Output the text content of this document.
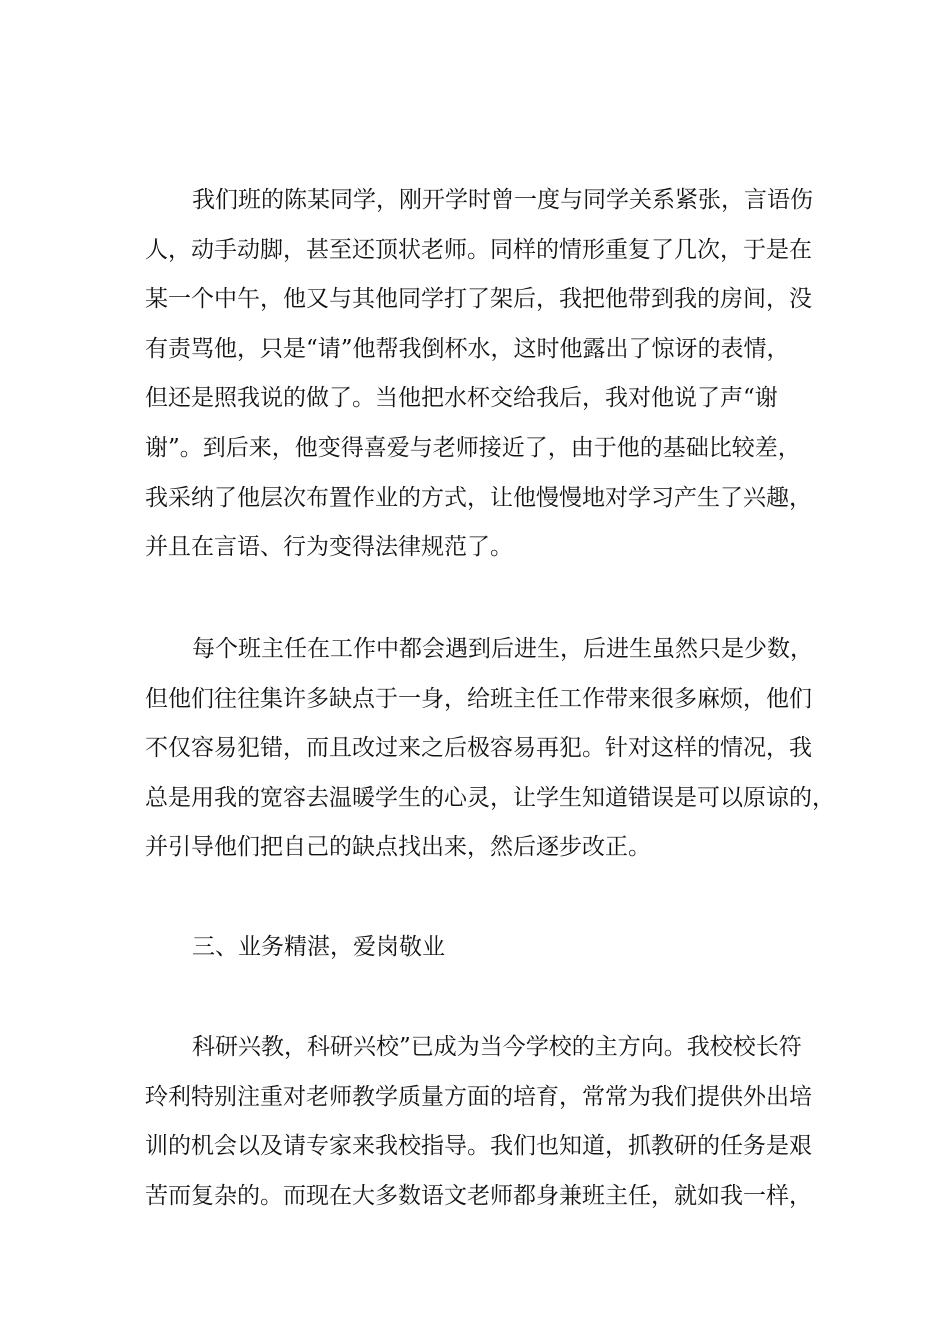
我们班的陈某同学，刚开学时曾一度与同学关系紧张，言语伤
人，动手动脚，甚至还顶状老师。同样的情形重复了几次，于是在
某一个中午，他又与其他同学打了架后，我把他带到我的房间，没
有责骂他，只是“请”他帮我倒杯水，这时他露出了惊讶的表情，
但还是照我说的做了。当他把水杯交给我后，我对他说了声“谢
谢”。到后来，他变得喜爱与老师接近了，由于他的基础比较差，
我采纳了他层次布置作业的方式，让他慢慢地对学习产生了兴趣，
并且在言语、行为变得法律规范了。

每个班主任在工作中都会遇到后进生，后进生虽然只是少数，
但他们往往集许多缺点于一身，给班主任工作带来很多麻烦，他们
不仅容易犯错，而且改过来之后极容易再犯。针对这样的情况，我
总是用我的宽容去温暖学生的心灵，让学生知道错误是可以原谅的，
并引导他们把自己的缺点找出来，然后逐步改正。

三、业务精湛，爱岗敬业

科研兴教，科研兴校”已成为当今学校的主方向。我校校长符
玲利特别注重对老师教学质量方面的培育，常常为我们提供外出培
训的机会以及请专家来我校指导。我们也知道，抓教研的任务是艰
苦而复杂的。而现在大多数语文老师都身兼班主任，就如我一样，
